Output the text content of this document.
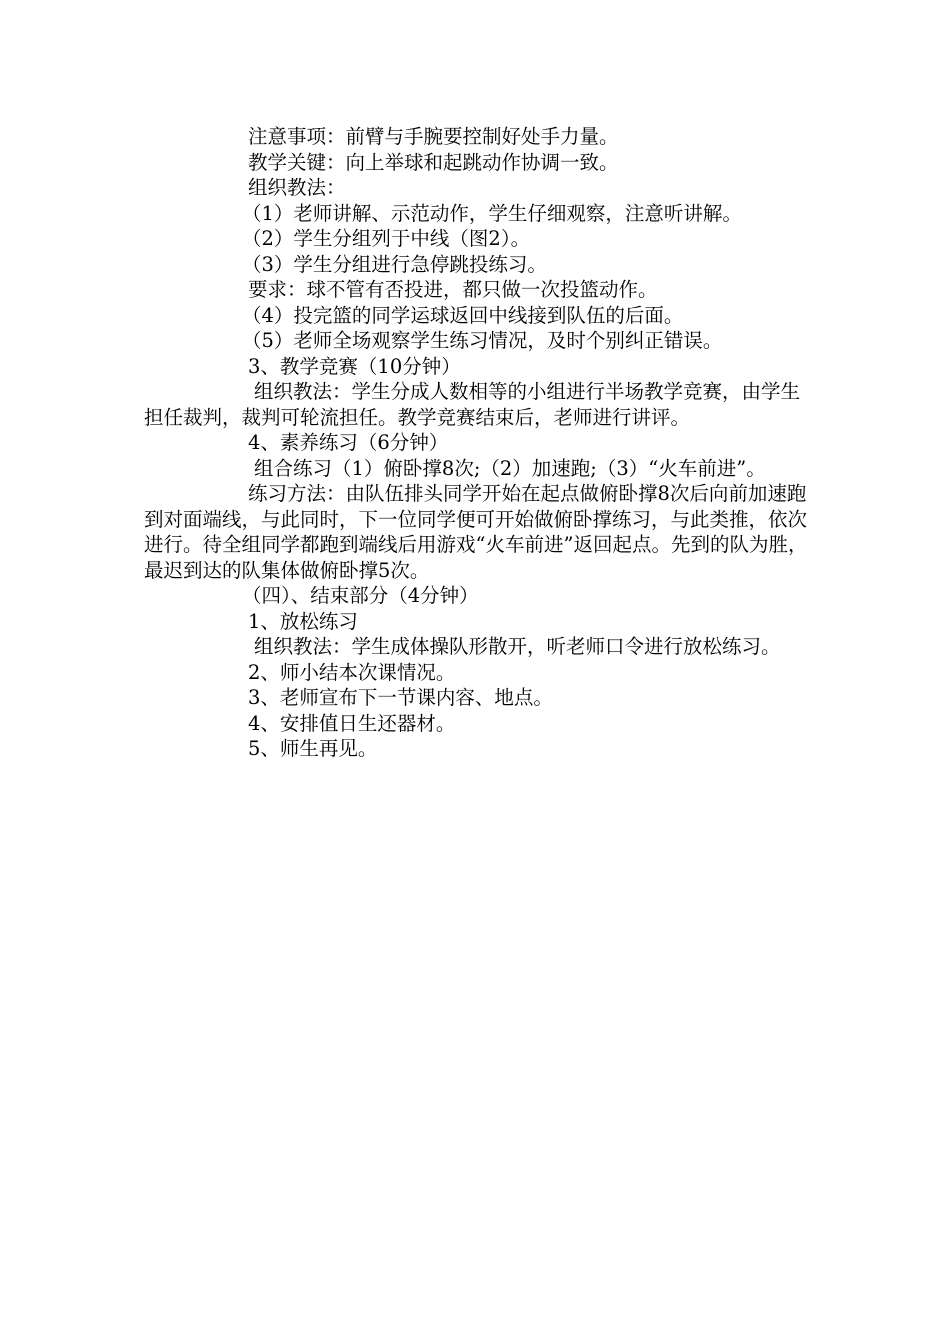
注意事项：前臂与手腕要控制好处手力量。

教学关键：向上举球和起跳动作协调一致。

组织教法：

（1）老师讲解、示范动作，学生仔细观察，注意听讲解。

（2）学生分组列于中线（图2）。

（3）学生分组进行急停跳投练习。

要求：球不管有否投进，都只做一次投篮动作。

（4）投完篮的同学运球返回中线接到队伍的后面。

（5）老师全场观察学生练习情况，及时个别纠正错误。

3、教学竞赛（10分钟）

组织教法：学生分成人数相等的小组进行半场教学竞赛，由学生担任裁判，裁判可轮流担任。教学竞赛结束后，老师进行讲评。

4、素养练习（6分钟）

组合练习（1）俯卧撑8次;（2）加速跑;（3）“火车前进”。

练习方法：由队伍排头同学开始在起点做俯卧撑8次后向前加速跑到对面端线，与此同时，下一位同学便可开始做俯卧撑练习，与此类推，依次进行。待全组同学都跑到端线后用游戏“火车前进”返回起点。先到的队为胜，最迟到达的队集体做俯卧撑5次。

（四）、结束部分（4分钟）

1、放松练习

组织教法：学生成体操队形散开，听老师口令进行放松练习。

2、师小结本次课情况。

3、老师宣布下一节课内容、地点。

4、安排值日生还器材。

5、师生再见。
